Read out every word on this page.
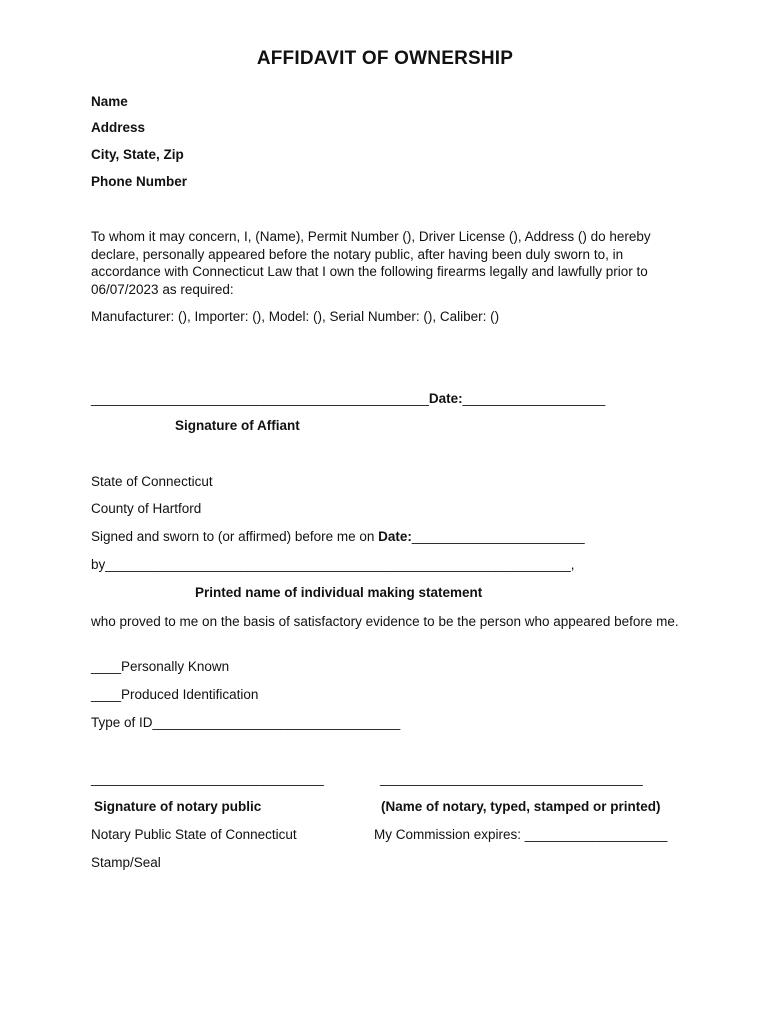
AFFIDAVIT OF OWNERSHIP
Name
Address
City, State, Zip
Phone Number
To whom it may concern, I, (Name), Permit Number (), Driver License (), Address () do hereby declare, personally appeared before the notary public, after having been duly sworn to, in accordance with Connecticut Law that I own the following firearms legally and lawfully prior to 06/07/2023 as required:
Manufacturer: (), Importer: (), Model: (), Serial Number: (), Caliber: ()
_____________________________________________Date:___________________
Signature of Affiant
State of Connecticut
County of Hartford
Signed and sworn to (or affirmed) before me on Date:_______________________
by______________________________________________________________,
Printed name of individual making statement
who proved to me on the basis of satisfactory evidence to be the person who appeared before me.
____Personally Known
____Produced Identification
Type of ID_________________________________
_______________________________	___________________________________
Signature of notary public	(Name of notary, typed, stamped or printed)
Notary Public State of Connecticut	My Commission expires: ___________________
Stamp/Seal
